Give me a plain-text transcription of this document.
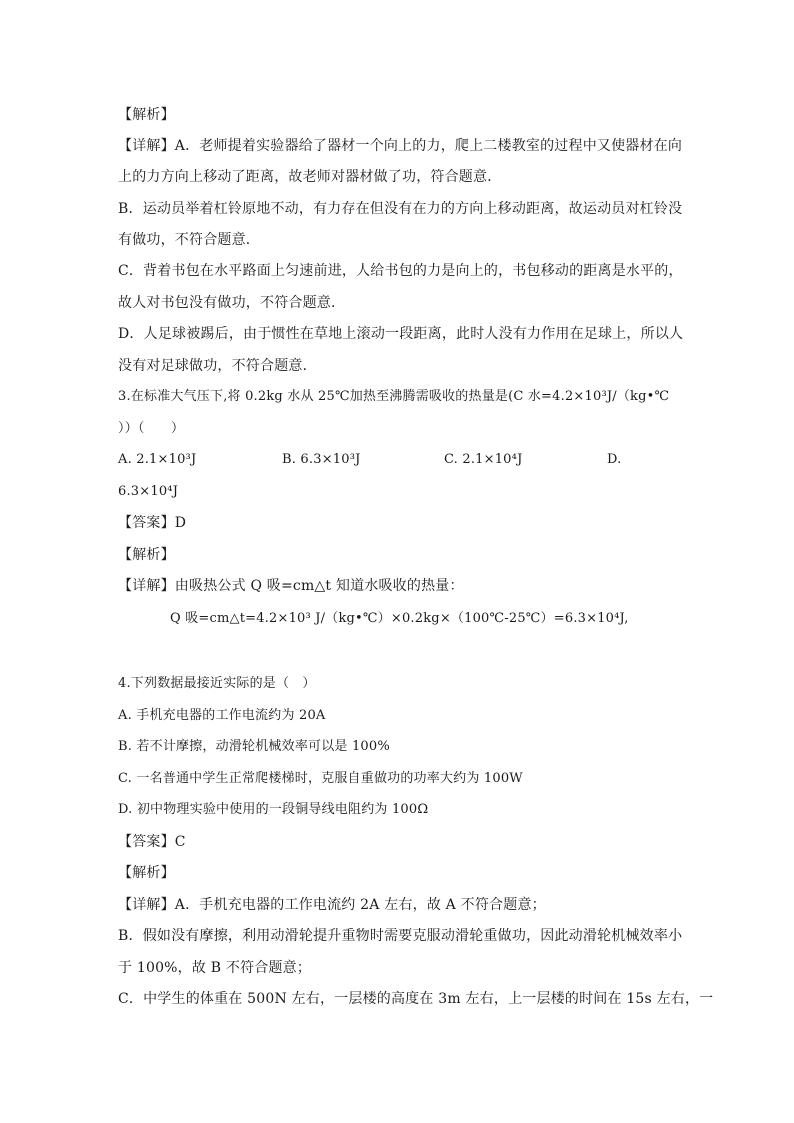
【解析】
【详解】A．老师提着实验器给了器材一个向上的力，爬上二楼教室的过程中又使器材在向
上的力方向上移动了距离，故老师对器材做了功，符合题意．
B．运动员举着杠铃原地不动，有力存在但没有在力的方向上移动距离，故运动员对杠铃没
有做功，不符合题意．
C．背着书包在水平路面上匀速前进，人给书包的力是向上的，书包移动的距离是水平的，
故人对书包没有做功，不符合题意．
D．人足球被踢后，由于惯性在草地上滚动一段距离，此时人没有力作用在足球上，所以人
没有对足球做功，不符合题意．
3.在标准大气压下,将 0.2kg 水从 25℃加热至沸腾需吸收的热量是(C 水=4.2×10³J/（kg•℃
））（　　）
A. 2.1×10³J	B. 6.3×10³J	C. 2.1×10⁴J	D.
6.3×10⁴J
【答案】D
【解析】
【详解】由吸热公式 Q 吸=cm△t 知道水吸收的热量：
Q 吸=cm△t=4.2×10³ J/（kg•℃）×0.2kg×（100℃-25℃）=6.3×10⁴J,
4.下列数据最接近实际的是（　）
A. 手机充电器的工作电流约为 20A
B. 若不计摩擦，动滑轮机械效率可以是 100%
C. 一名普通中学生正常爬楼梯时，克服自重做功的功率大约为 100W
D. 初中物理实验中使用的一段铜导线电阻约为 100Ω
【答案】C
【解析】
【详解】A．手机充电器的工作电流约 2A 左右，故 A 不符合题意；
B．假如没有摩擦，利用动滑轮提升重物时需要克服动滑轮重做功，因此动滑轮机械效率小
于 100%，故 B 不符合题意；
C．中学生的体重在 500N 左右，一层楼的高度在 3m 左右，上一层楼的时间在 15s 左右，一
